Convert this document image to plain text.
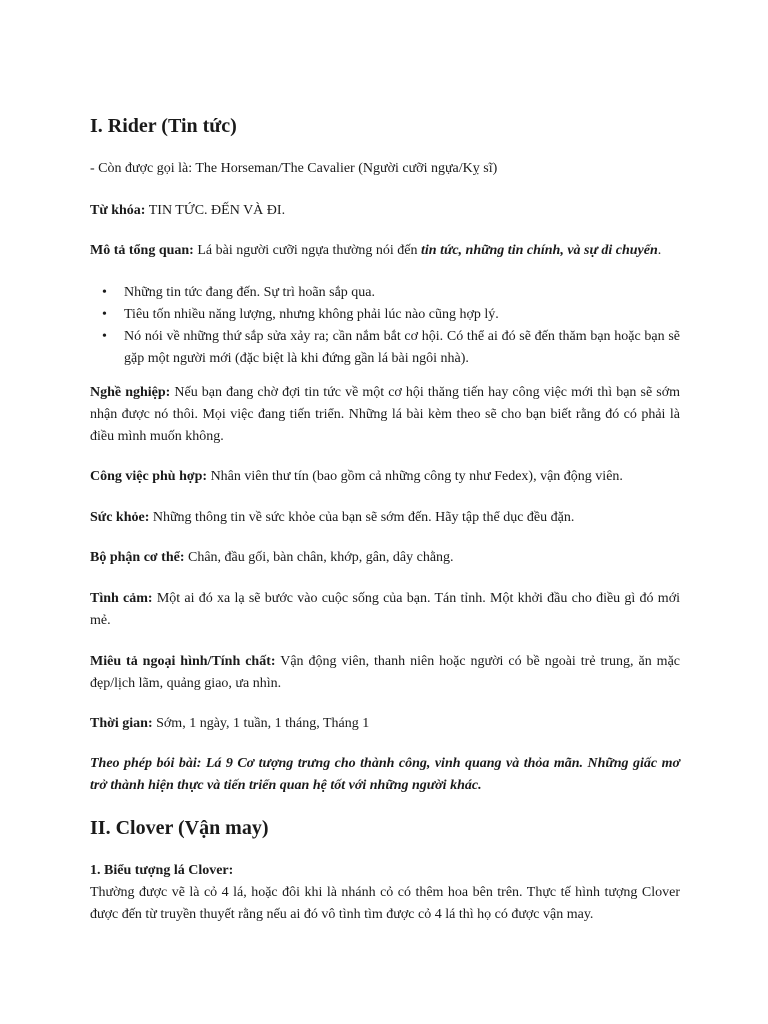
I. Rider (Tin tức)

- Còn được gọi là: The Horseman/The Cavalier (Người cưỡi ngựa/Kỵ sĩ)

Từ khóa: TIN TỨC. ĐẾN VÀ ĐI.

Mô tả tổng quan: Lá bài người cưỡi ngựa thường nói đến tin tức, những tin chính, và sự di chuyển.

• Những tin tức đang đến. Sự trì hoãn sắp qua.
• Tiêu tốn nhiều năng lượng, nhưng không phải lúc nào cũng hợp lý.
• Nó nói về những thứ sắp sửa xảy ra; cần nắm bắt cơ hội. Có thể ai đó sẽ đến thăm bạn hoặc bạn sẽ gặp một người mới (đặc biệt là khi đứng gần lá bài ngôi nhà).

Nghề nghiệp: Nếu bạn đang chờ đợi tin tức về một cơ hội thăng tiến hay công việc mới thì bạn sẽ sớm nhận được nó thôi. Mọi việc đang tiến triển. Những lá bài kèm theo sẽ cho bạn biết rằng đó có phải là điều mình muốn không.

Công việc phù hợp: Nhân viên thư tín (bao gồm cả những công ty như Fedex), vận động viên.

Sức khỏe: Những thông tin về sức khỏe của bạn sẽ sớm đến. Hãy tập thể dục đều đặn.

Bộ phận cơ thể: Chân, đầu gối, bàn chân, khớp, gân, dây chằng.

Tình cảm: Một ai đó xa lạ sẽ bước vào cuộc sống của bạn. Tán tỉnh. Một khởi đầu cho điều gì đó mới mẻ.

Miêu tả ngoại hình/Tính chất: Vận động viên, thanh niên hoặc người có bề ngoài trẻ trung, ăn mặc đẹp/lịch lãm, quảng giao, ưa nhìn.

Thời gian: Sớm, 1 ngày, 1 tuần, 1 tháng, Tháng 1

Theo phép bói bài: Lá 9 Cơ tượng trưng cho thành công, vinh quang và thỏa mãn. Những giấc mơ trở thành hiện thực và tiến triển quan hệ tốt với những người khác.

II. Clover (Vận may)

1. Biểu tượng lá Clover:

Thường được vẽ là cỏ 4 lá, hoặc đôi khi là nhánh cỏ có thêm hoa bên trên. Thực tế hình tượng Clover được đến từ truyền thuyết rằng nếu ai đó vô tình tìm được cỏ 4 lá thì họ có được vận may.
